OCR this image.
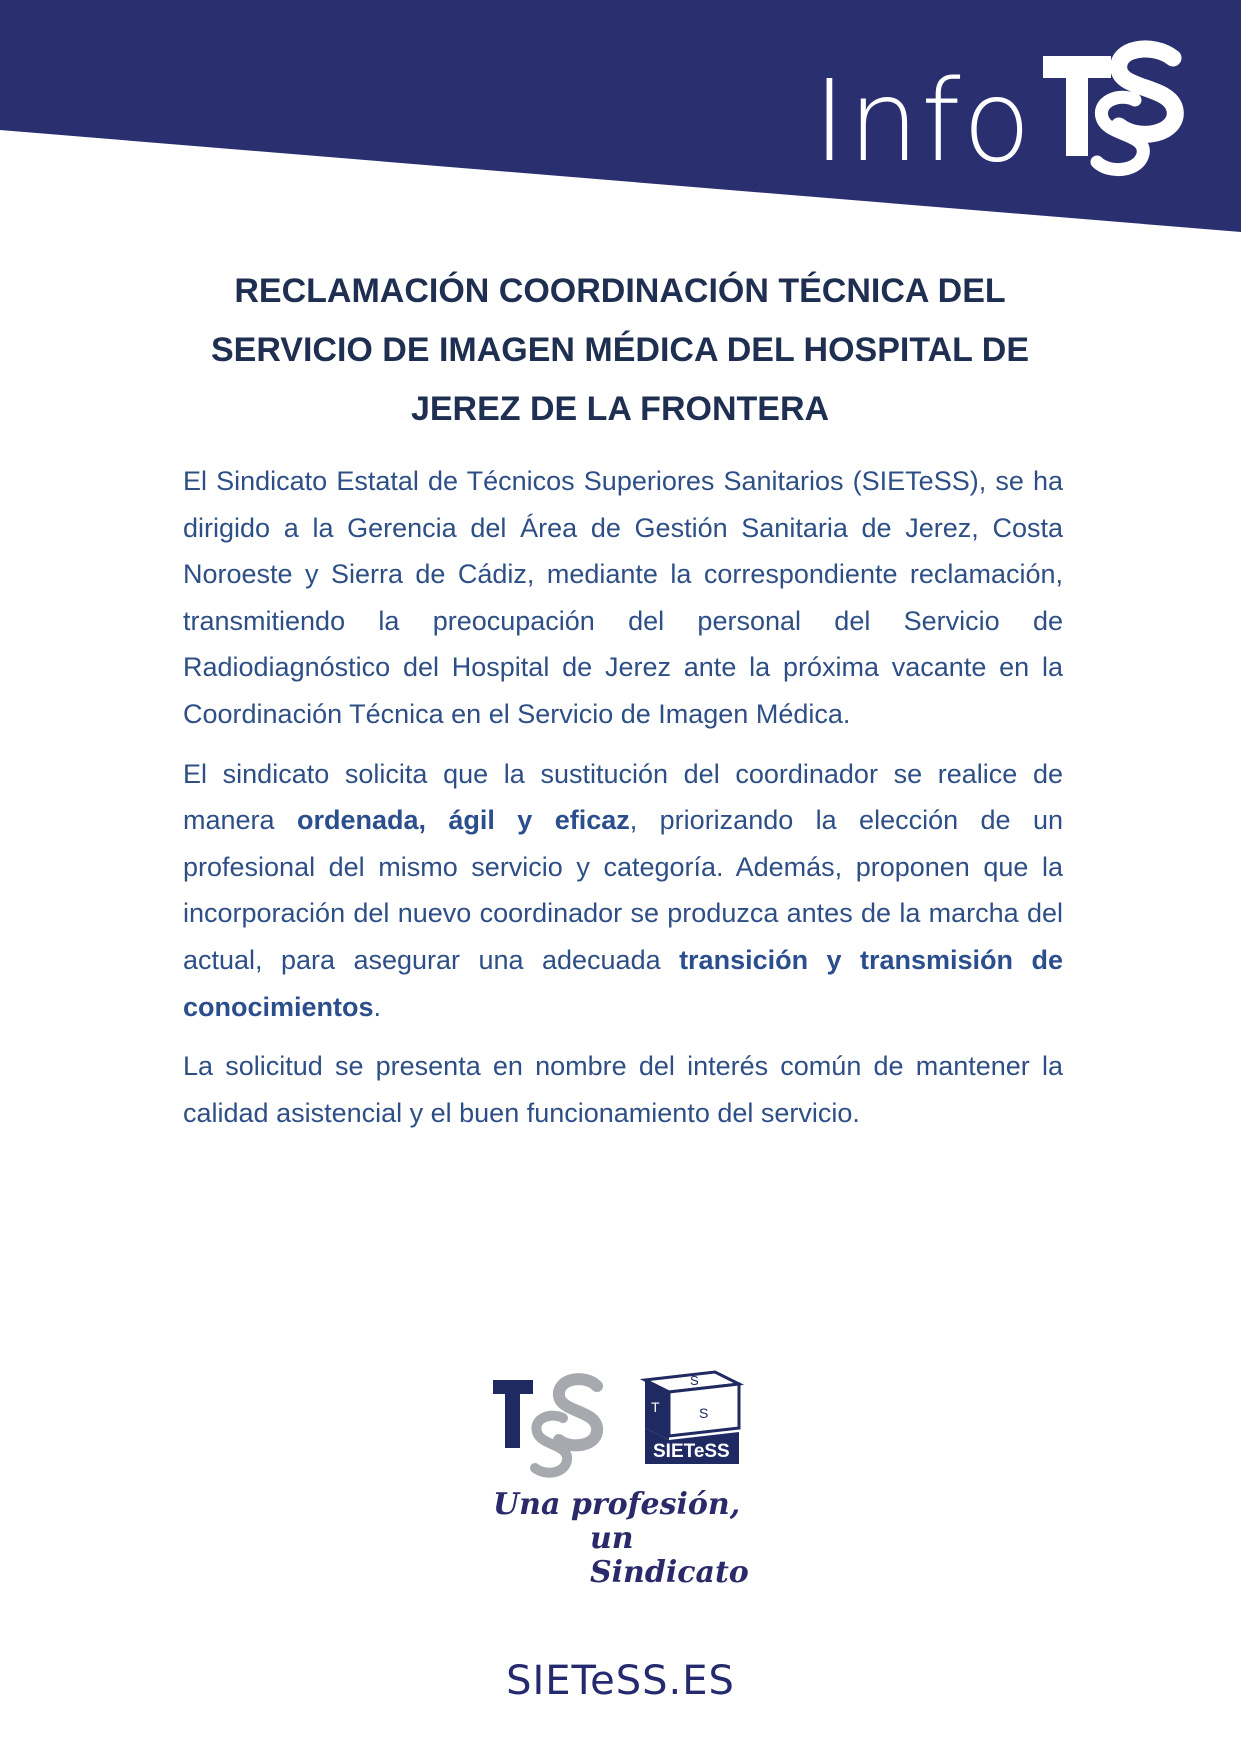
Info
RECLAMACIÓN COORDINACIÓN TÉCNICA DEL
SERVICIO DE IMAGEN MÉDICA DEL HOSPITAL DE
JEREZ DE LA FRONTERA

El Sindicato Estatal de Técnicos Superiores Sanitarios (SIETeSS), se ha dirigido a la Gerencia del Área de Gestión Sanitaria de Jerez, Costa Noroeste y Sierra de Cádiz, mediante la correspondiente reclamación, transmitiendo la preocupación del personal del Servicio de Radiodiagnóstico del Hospital de Jerez ante la próxima vacante en la Coordinación Técnica en el Servicio de Imagen Médica.

El sindicato solicita que la sustitución del coordinador se realice de manera ordenada, ágil y eficaz, priorizando la elección de un profesional del mismo servicio y categoría. Además, proponen que la incorporación del nuevo coordinador se produzca antes de la marcha del actual, para asegurar una adecuada transición y transmisión de conocimientos.

La solicitud se presenta en nombre del interés común de mantener la calidad asistencial y el buen funcionamiento del servicio.

S
T	S
SIETeSS
Una profesión,
un Sindicato
SIETeSS.ES
